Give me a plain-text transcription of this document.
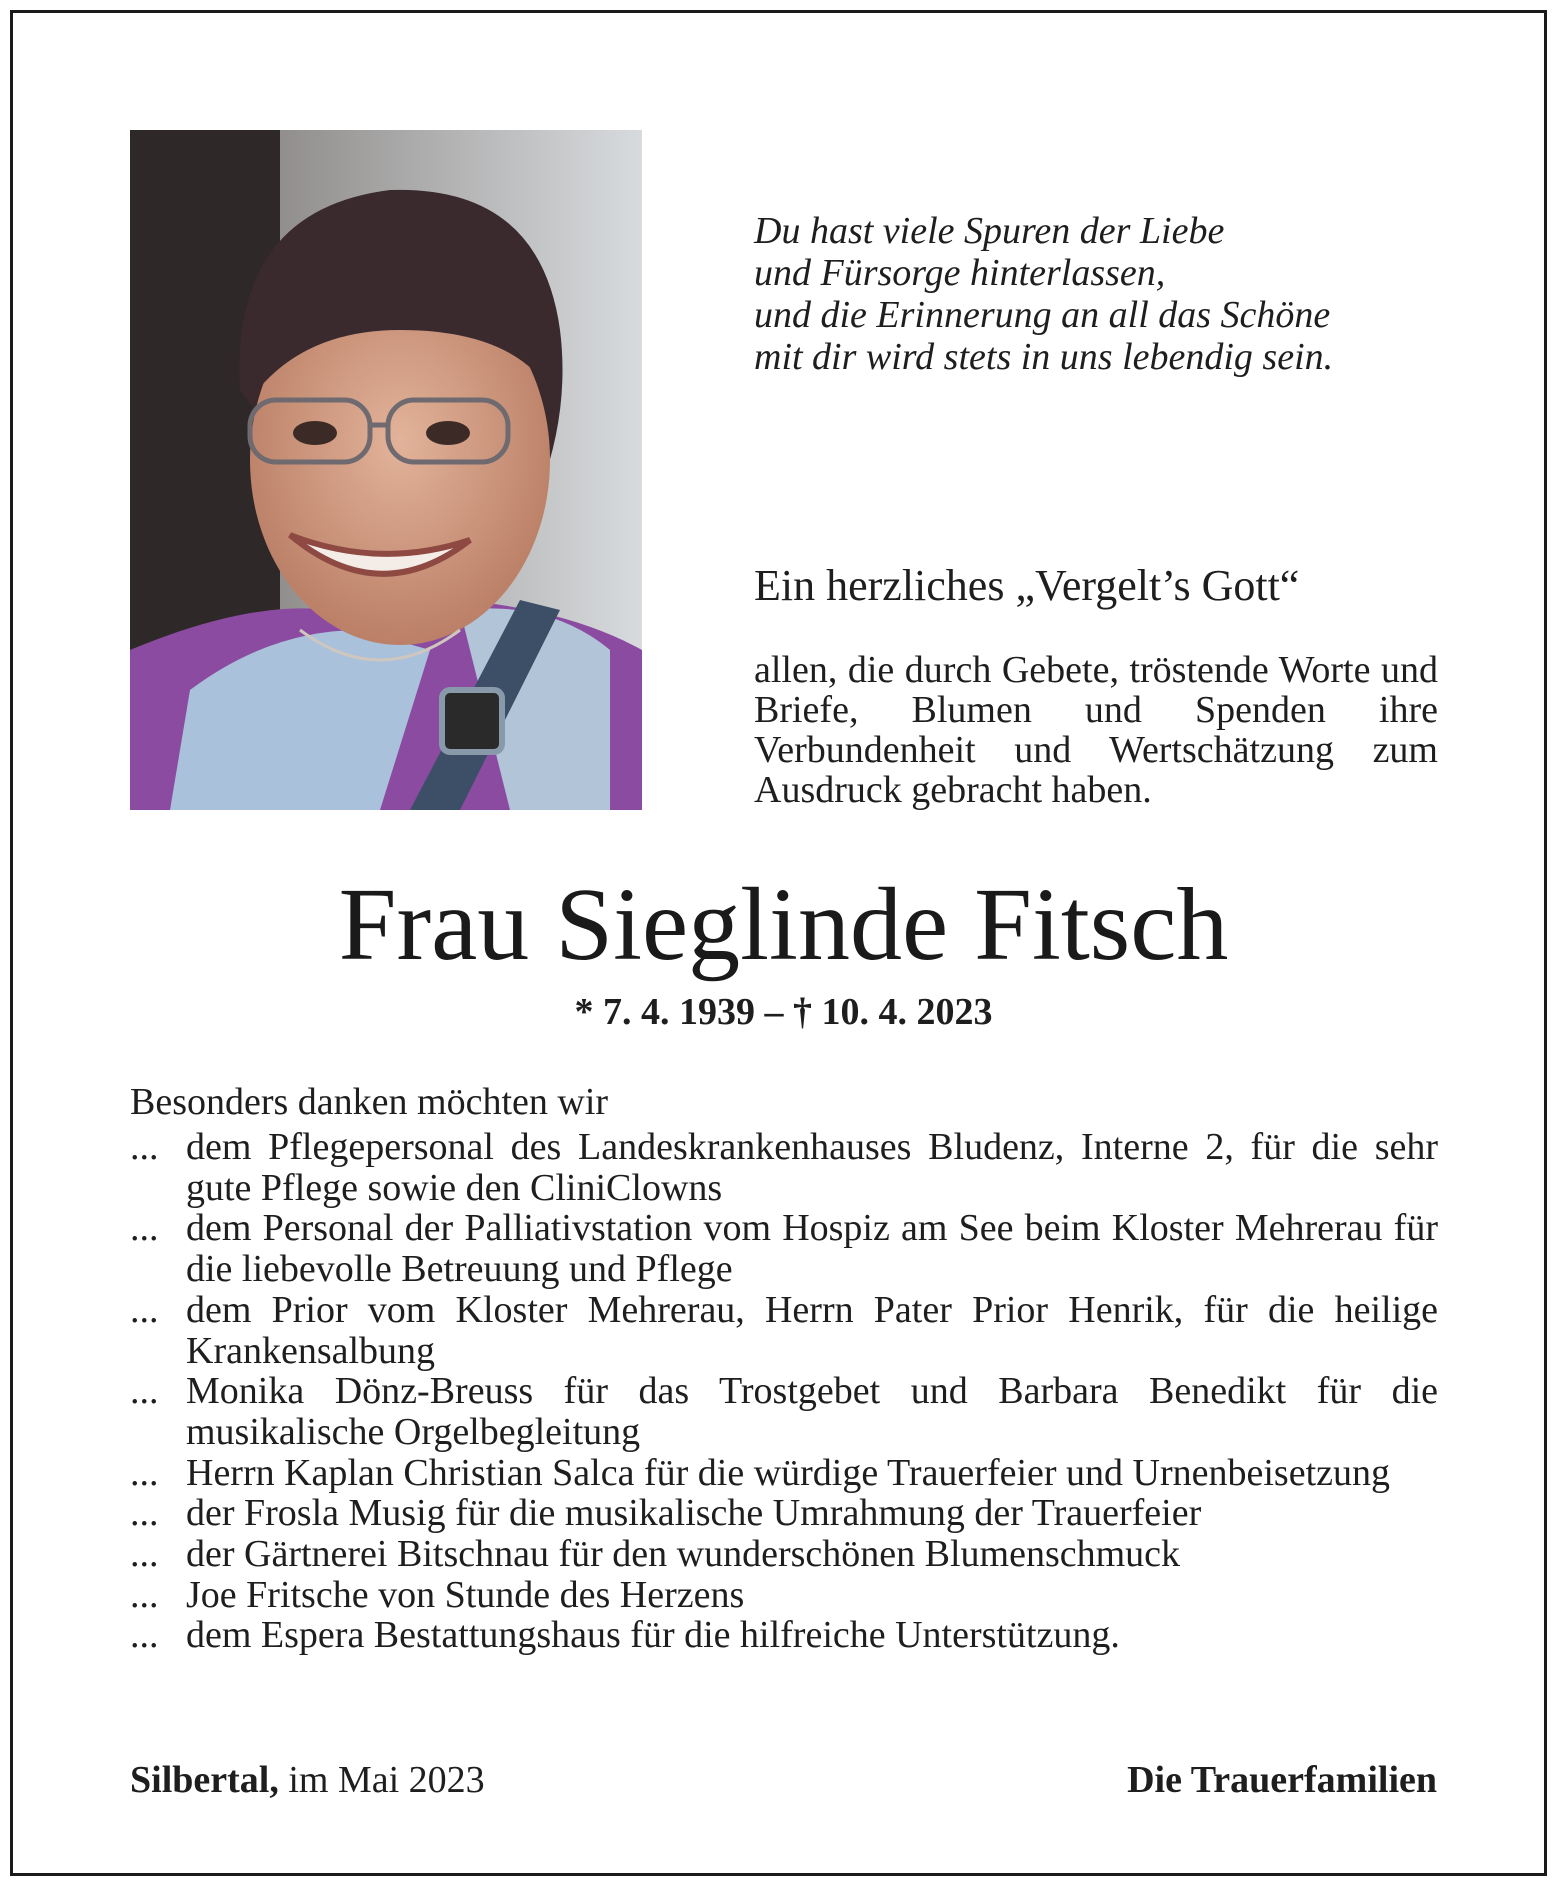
Du hast viele Spuren der Liebe
und Fürsorge hinterlassen,
und die Erinnerung an all das Schöne
mit dir wird stets in uns lebendig sein.
Ein herzliches „Vergelt’s Gott“
allen, die durch Gebete, tröstende Worte und Briefe, Blumen und Spenden ihre Verbundenheit und Wertschätzung zum Ausdruck gebracht haben.
Frau Sieglinde Fitsch
* 7. 4. 1939 – † 10. 4. 2023
Besonders danken möchten wir
... dem Pflegepersonal des Landeskrankenhauses Bludenz, Interne 2, für die sehr gute Pflege sowie den CliniClowns
... dem Personal der Palliativstation vom Hospiz am See beim Kloster Mehrerau für die liebevolle Betreuung und Pflege
... dem Prior vom Kloster Mehrerau, Herrn Pater Prior Henrik, für die heilige Krankensalbung
... Monika Dönz-Breuss für das Trostgebet und Barbara Benedikt für die musikalische Orgelbegleitung
... Herrn Kaplan Christian Salca für die würdige Trauerfeier und Urnenbeisetzung
... der Frosla Musig für die musikalische Umrahmung der Trauerfeier
... der Gärtnerei Bitschnau für den wunderschönen Blumenschmuck
... Joe Fritsche von Stunde des Herzens
... dem Espera Bestattungshaus für die hilfreiche Unterstützung.
Silbertal, im Mai 2023	Die Trauerfamilien
